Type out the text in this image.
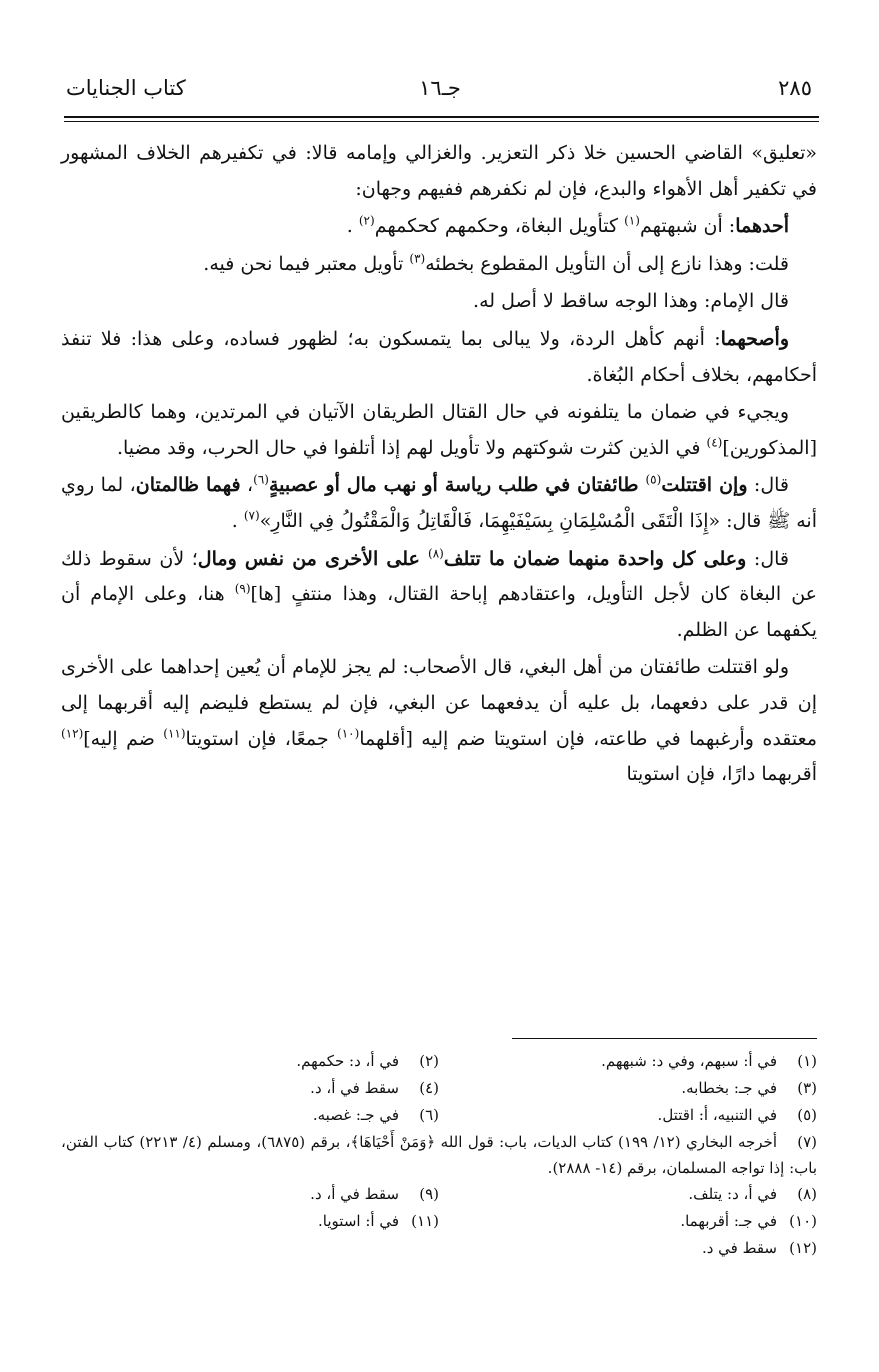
٢٨٥
جـ١٦
كتاب الجنايات

«تعليق» القاضي الحسين خلا ذكر التعزير. والغزالي وإمامه قالا: في تكفيرهم الخلاف المشهور في تكفير أهل الأهواء والبدع، فإن لم نكفرهم ففيهم وجهان:

أحدهما: أن شبهتهم$^{(١)}$ كتأويل البغاة، وحكمهم كحكمهم$^{(٢)}$ .

قلت: وهذا نازع إلى أن التأويل المقطوع بخطئه$^{(٣)}$ تأويل معتبر فيما نحن فيه.

قال الإمام: وهذا الوجه ساقط لا أصل له.

وأصحهما: أنهم كأهل الردة، ولا يبالى بما يتمسكون به؛ لظهور فساده، وعلى هذا: فلا تنفذ أحكامهم، بخلاف أحكام البُغاة.

ويجيء في ضمان ما يتلفونه في حال القتال الطريقان الآتيان في المرتدين، وهما كالطريقين [المذكورين]$^{(٤)}$ في الذين كثرت شوكتهم ولا تأويل لهم إذا أتلفوا في حال الحرب، وقد مضيا.

قال: وإن اقتتلت$^{(٥)}$ طائفتان في طلب رياسة أو نهب مال أو عصبيةٍ$^{(٦)}$، فهما ظالمتان، لما روي أنه ﷺ قال: «إِذَا الْتَقَى الْمُسْلِمَانِ بِسَيْفَيْهِمَا، فَالْقَاتِلُ وَالْمَقْتُولُ فِي النَّارِ»$^{(٧)}$ .

قال: وعلى كل واحدة منهما ضمان ما تتلف$^{(٨)}$ على الأخرى من نفس ومال؛ لأن سقوط ذلك عن البغاة كان لأجل التأويل، واعتقادهم إباحة القتال، وهذا منتفٍ [ها]$^{(٩)}$ هنا، وعلى الإمام أن يكفهما عن الظلم.

ولو اقتتلت طائفتان من أهل البغي، قال الأصحاب: لم يجز للإمام أن يُعين إحداهما على الأخرى إن قدر على دفعهما، بل عليه أن يدفعهما عن البغي، فإن لم يستطع فليضم إليه أقربهما إلى معتقده وأرغبهما في طاعته، فإن استويتا ضم إليه [أقلهما$^{(١٠)}$ جمعًا، فإن استويتا$^{(١١)}$ ضم إليه]$^{(١٢)}$ أقربهما دارًا، فإن استويتا

(١)في أ: سبهم، وفي د: شبههم.
(٢)في أ، د: حكمهم.
(٣)في جـ: بخطابه.
(٤)سقط في أ، د.
(٥)في التنبيه، أ: اقتتل.
(٦)في جـ: غصبه.
(٧)أخرجه البخاري (١٢/ ١٩٩) كتاب الديات، باب: قول الله ﴿وَمَنْ أَحْيَاهَا﴾، برقم (٦٨٧٥)، ومسلم (٤/ ٢٢١٣) كتاب الفتن، باب: إذا تواجه المسلمان، برقم (١٤- ٢٨٨٨).
(٨)في أ، د: يتلف.
(٩)سقط في أ، د.
(١٠)في جـ: أقربهما.
(١١)في أ: استويا.
(١٢)سقط في د.
